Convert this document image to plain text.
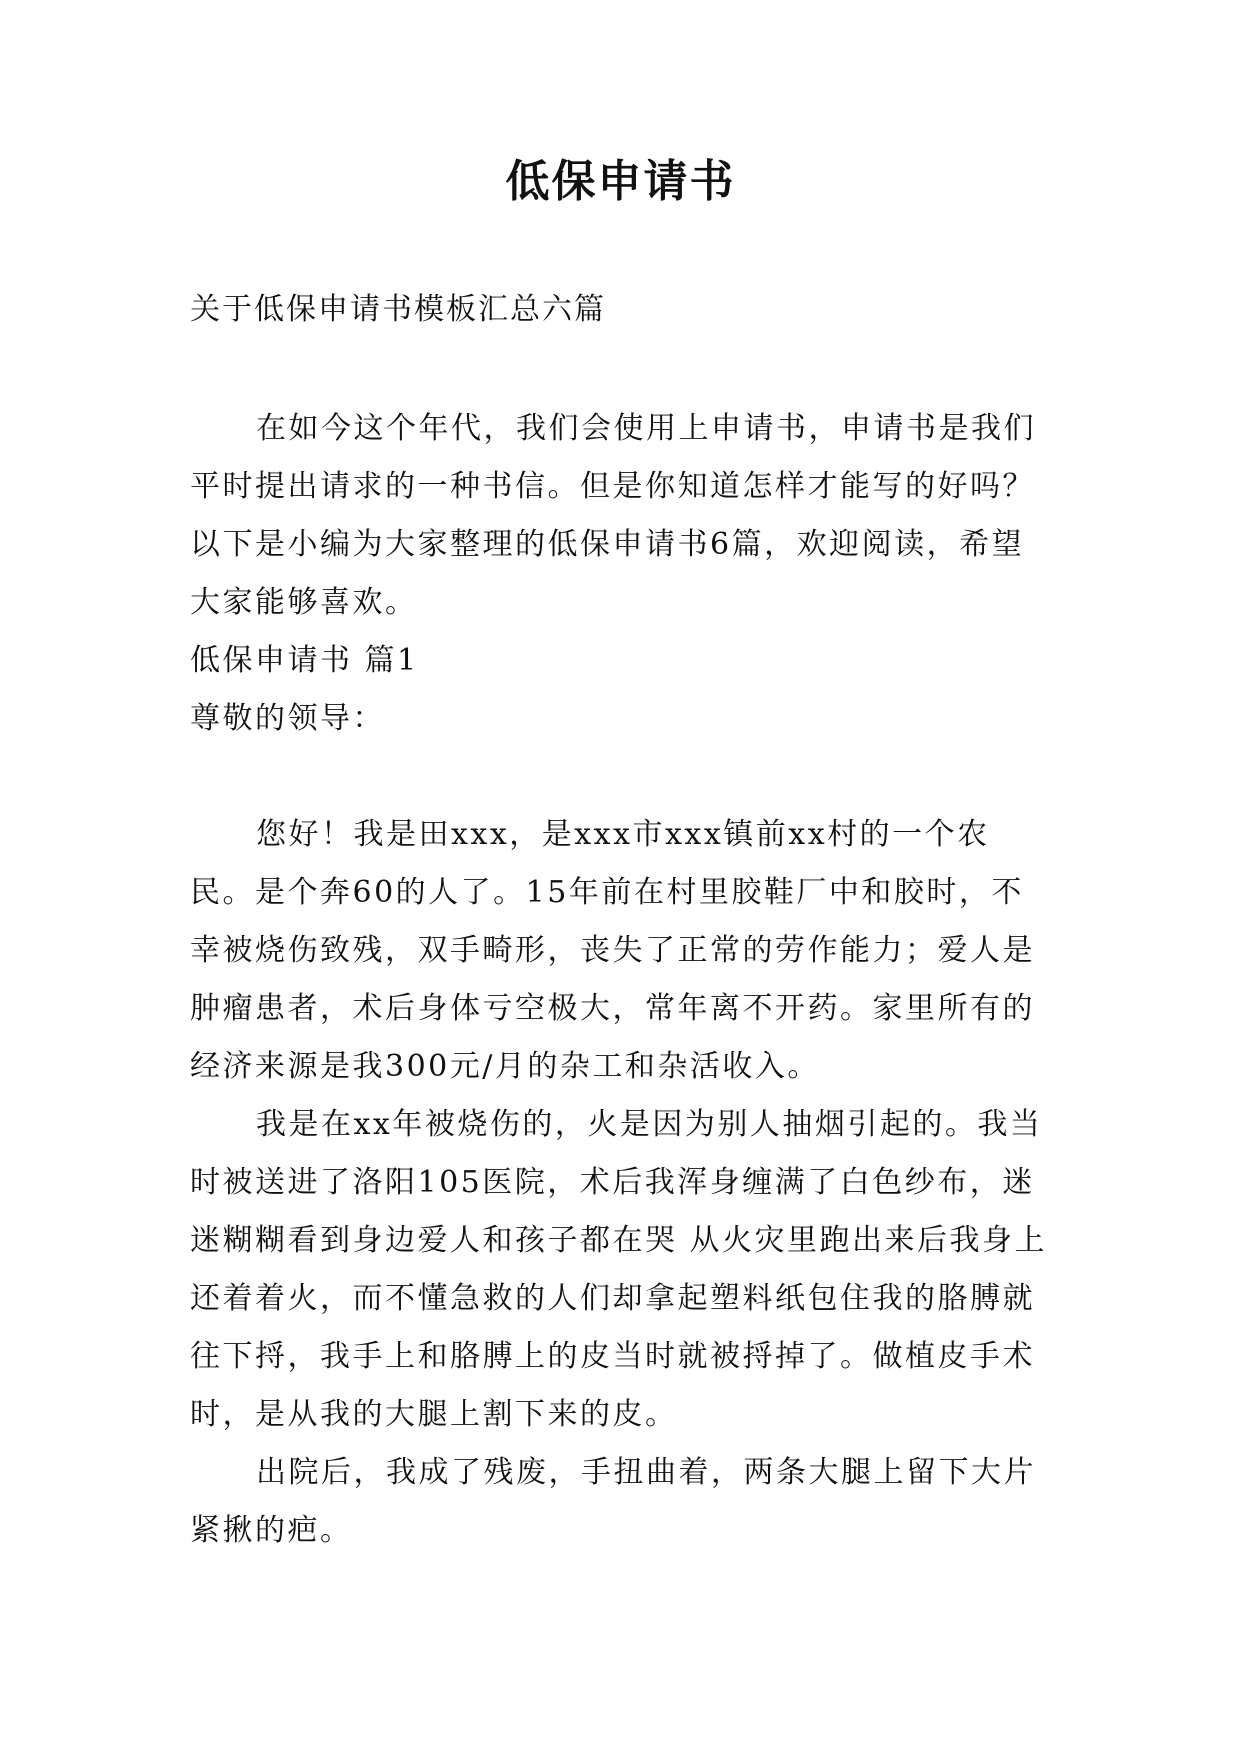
低保申请书
关于低保申请书模板汇总六篇

在如今这个年代，我们会使用上申请书，申请书是我们平时提出请求的一种书信。但是你知道怎样才能写的好吗？以下是小编为大家整理的低保申请书6篇，欢迎阅读，希望大家能够喜欢。

低保申请书 篇1

尊敬的领导：

您好！我是田xxx，是xxx市xxx镇前xx村的一个农民。是个奔60的人了。15年前在村里胶鞋厂中和胶时，不幸被烧伤致残，双手畸形，丧失了正常的劳作能力；爱人是肿瘤患者，术后身体亏空极大，常年离不开药。家里所有的经济来源是我300元/月的杂工和杂活收入。

我是在xx年被烧伤的，火是因为别人抽烟引起的。我当时被送进了洛阳105医院，术后我浑身缠满了白色纱布，迷迷糊糊看到身边爱人和孩子都在哭 从火灾里跑出来后我身上还着着火，而不懂急救的人们却拿起塑料纸包住我的胳膊就往下捋，我手上和胳膊上的皮当时就被捋掉了。做植皮手术时，是从我的大腿上割下来的皮。

出院后，我成了残废，手扭曲着，两条大腿上留下大片紧揪的疤。
